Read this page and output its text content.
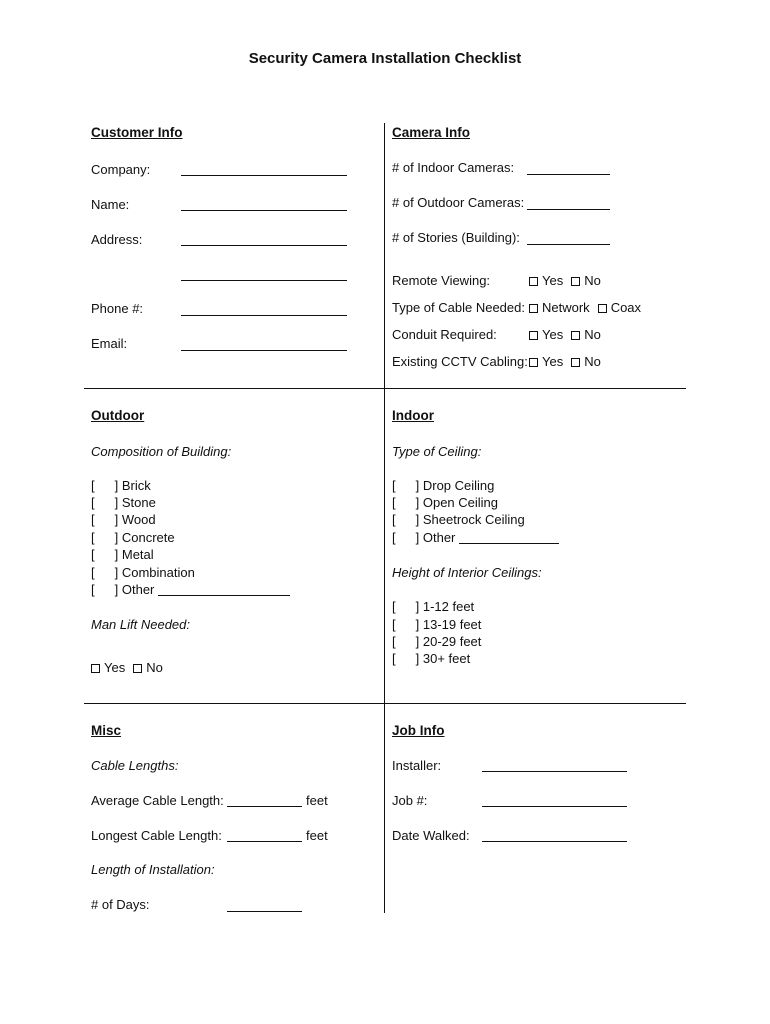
Security Camera Installation Checklist
Customer Info
Company:
Name:
Address:
Phone #:
Email:
Camera Info
# of Indoor Cameras:
# of Outdoor Cameras:
# of Stories (Building):
Remote Viewing:	Yes No
Type of Cable Needed:	Network Coax
Conduit Required:	Yes No
Existing CCTV Cabling:	Yes No
Outdoor
Composition of Building:
[ ] Brick
[ ] Stone
[ ] Wood
[ ] Concrete
[ ] Metal
[ ] Combination
[ ] Other
Man Lift Needed:
Yes No
Indoor
Type of Ceiling:
[ ] Drop Ceiling
[ ] Open Ceiling
[ ] Sheetrock Ceiling
[ ] Other
Height of Interior Ceilings:
[ ] 1-12 feet
[ ] 13-19 feet
[ ] 20-29 feet
[ ] 30+ feet
Misc
Cable Lengths:
Average Cable Length:	feet
Longest Cable Length:	feet
Length of Installation:
# of Days:
Job Info
Installer:
Job #:
Date Walked:
